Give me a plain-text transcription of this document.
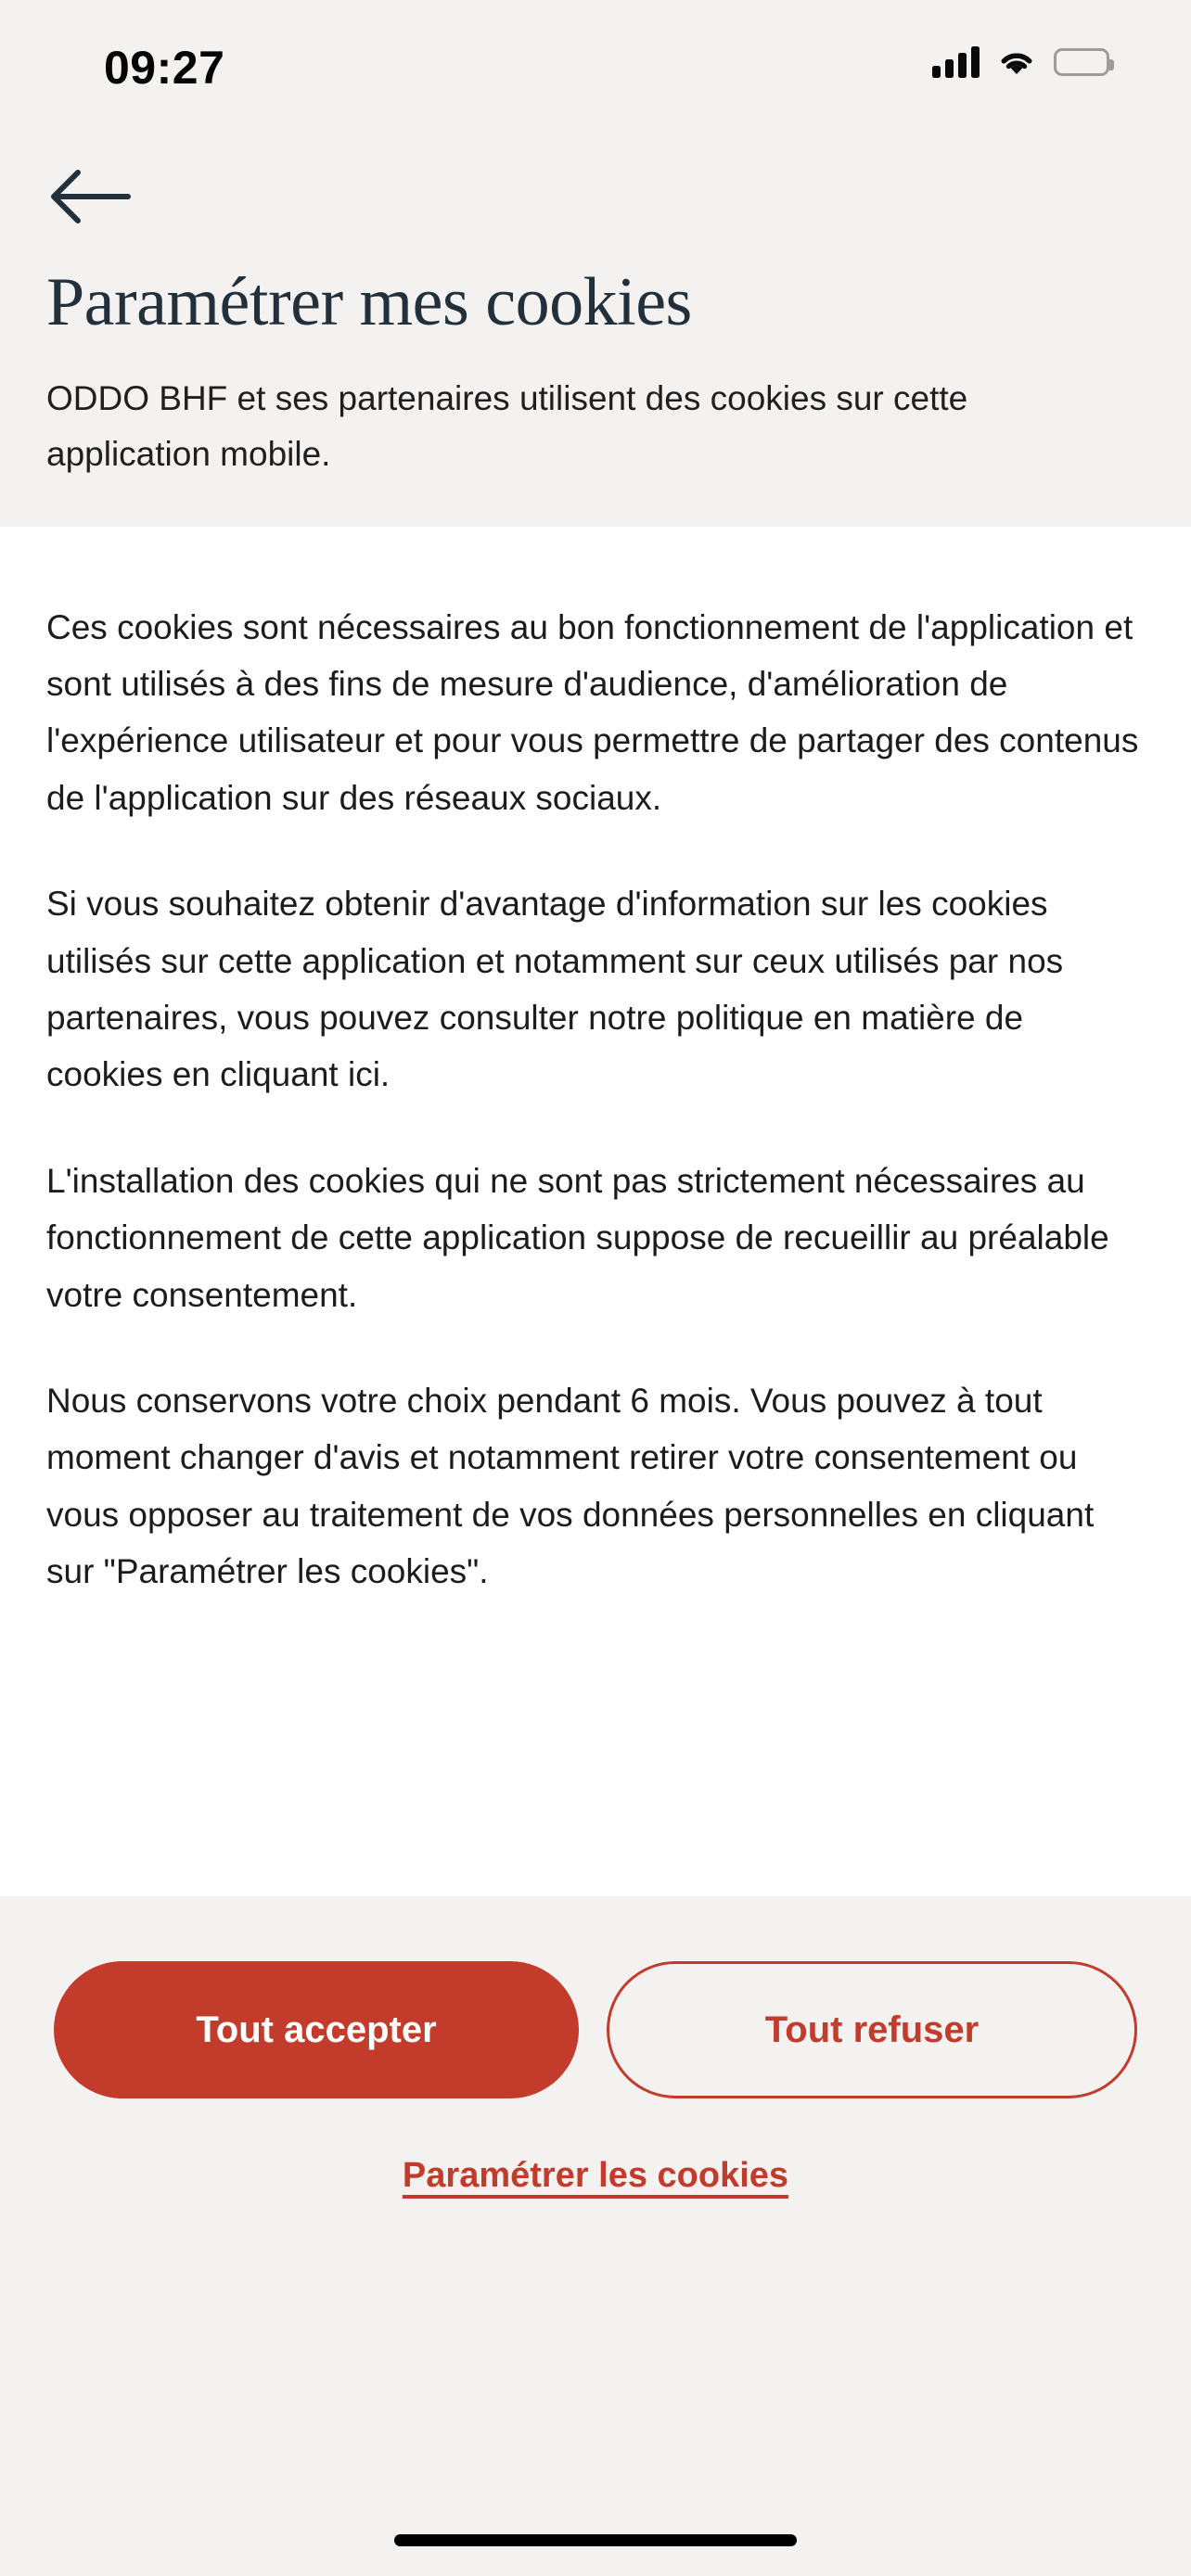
09:27
Paramétrer mes cookies

ODDO BHF et ses partenaires utilisent des cookies sur cette application mobile.

Ces cookies sont nécessaires au bon fonctionnement de l'application et sont utilisés à des fins de mesure d'audience, d'amélioration de l'expérience utilisateur et pour vous permettre de partager des contenus de l'application sur des réseaux sociaux.

Si vous souhaitez obtenir d'avantage d'information sur les cookies utilisés sur cette application et notamment sur ceux utilisés par nos partenaires, vous pouvez consulter notre politique en matière de cookies en cliquant ici.

L'installation des cookies qui ne sont pas strictement nécessaires au fonctionnement de cette application suppose de recueillir au préalable votre consentement.

Nous conservons votre choix pendant 6 mois. Vous pouvez à tout moment changer d'avis et notamment retirer votre consentement ou vous opposer au traitement de vos données personnelles en cliquant sur "Paramétrer les cookies".

Tout accepter	Tout refuser
Paramétrer les cookies
